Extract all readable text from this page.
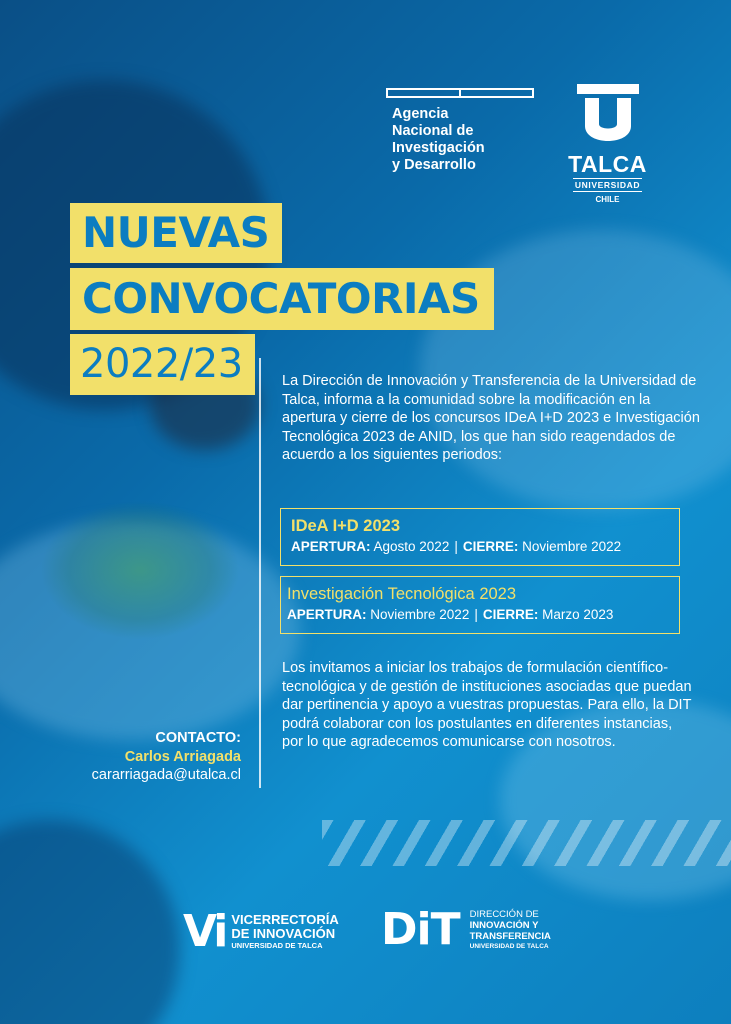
Agencia
Nacional de
Investigación
y Desarrollo	TALCA
UNIVERSIDAD
CHILE
NUEVAS
CONVOCATORIAS
2022/23	La Dirección de Innovación y Transferencia de la Universidad de Talca, informa a la comunidad sobre la modificación en la apertura y cierre de los concursos IDeA I+D 2023 e Investigación Tecnológica 2023 de ANID, los que han sido reagendados de acuerdo a los siguientes periodos:
IDeA I+D 2023
APERTURA: Agosto 2022 | CIERRE: Noviembre 2022
Investigación Tecnológica 2023
APERTURA: Noviembre 2022 | CIERRE: Marzo 2023
Los invitamos a iniciar los trabajos de formulación científico-tecnológica y de gestión de instituciones asociadas que puedan dar pertinencia y apoyo a vuestras propuestas. Para ello, la DIT podrá colaborar con los postulantes en diferentes instancias, por lo que agradecemos comunicarse con nosotros.
CONTACTO:
Carlos Arriagada
cararriagada@utalca.cl
Vi VICERRECTORÍA
DE INNOVACIÓN
UNIVERSIDAD DE TALCA	DiT DIRECCIÓN DE
INNOVACIÓN Y
TRANSFERENCIA
UNIVERSIDAD DE TALCA
